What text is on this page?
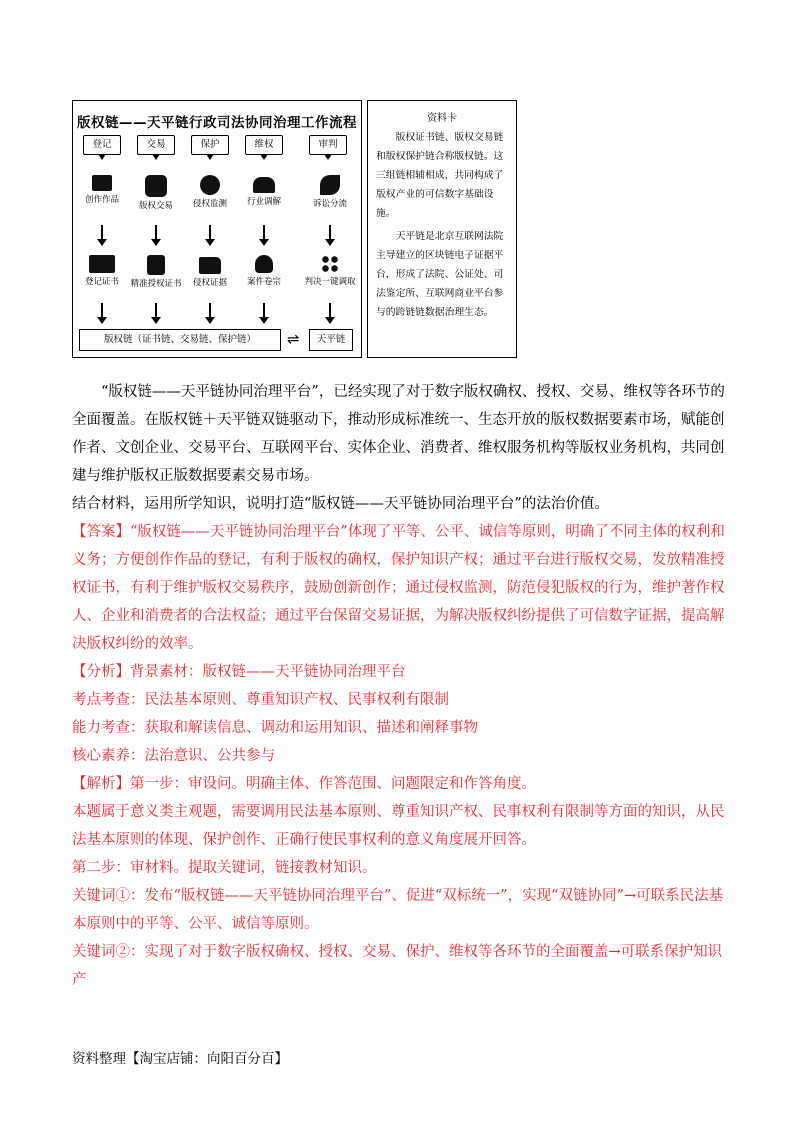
版权链——天平链行政司法协同治理工作流程
登记	交易	保护	维权	审判
创作作品
版权交易	侵权监测	行业调解	诉讼分流
登记证书	精准授权证书	侵权证据	案件卷宗	判决一键调取
版权链（证书链、交易链、保护链）	⇌	天平链
资料卡

版权证书链、版权交易链和版权保护链合称版权链。这三组链相辅相成，共同构成了版权产业的可信数字基础设施。

天平链是北京互联网法院主导建立的区块链电子证据平台，形成了法院、公证处、司法鉴定所、互联网商业平台参与的跨链链数据治理生态。

“版权链——天平链协同治理平台”，已经实现了对于数字版权确权、授权、交易、维权等各环节的全面覆盖。在版权链＋天平链双链驱动下，推动形成标准统一、生态开放的版权数据要素市场，赋能创作者、文创企业、交易平台、互联网平台、实体企业、消费者、维权服务机构等版权业务机构，共同创建与维护版权正版数据要素交易市场。

结合材料，运用所学知识，说明打造“版权链——天平链协同治理平台”的法治价值。

【答案】“版权链——天平链协同治理平台”体现了平等、公平、诚信等原则，明确了不同主体的权利和义务；方便创作作品的登记，有利于版权的确权，保护知识产权；通过平台进行版权交易，发放精准授权证书，有利于维护版权交易秩序，鼓励创新创作；通过侵权监测，防范侵犯版权的行为，维护著作权人、企业和消费者的合法权益；通过平台保留交易证据，为解决版权纠纷提供了可信数字证据，提高解决版权纠纷的效率。

【分析】背景素材：版权链——天平链协同治理平台

考点考查：民法基本原则、尊重知识产权、民事权利有限制

能力考查：获取和解读信息、调动和运用知识、描述和阐释事物

核心素养：法治意识、公共参与

【解析】第一步：审设问。明确主体、作答范围、问题限定和作答角度。

本题属于意义类主观题，需要调用民法基本原则、尊重知识产权、民事权利有限制等方面的知识，从民法基本原则的体现、保护创作、正确行使民事权利的意义角度展开回答。

第二步：审材料。提取关键词，链接教材知识。

关键词①：发布“版权链——天平链协同治理平台”、促进“双标统一”，实现“双链协同”→可联系民法基本原则中的平等、公平、诚信等原则。

关键词②：实现了对于数字版权确权、授权、交易、保护、维权等各环节的全面覆盖→可联系保护知识产

资料整理【淘宝店铺：向阳百分百】
